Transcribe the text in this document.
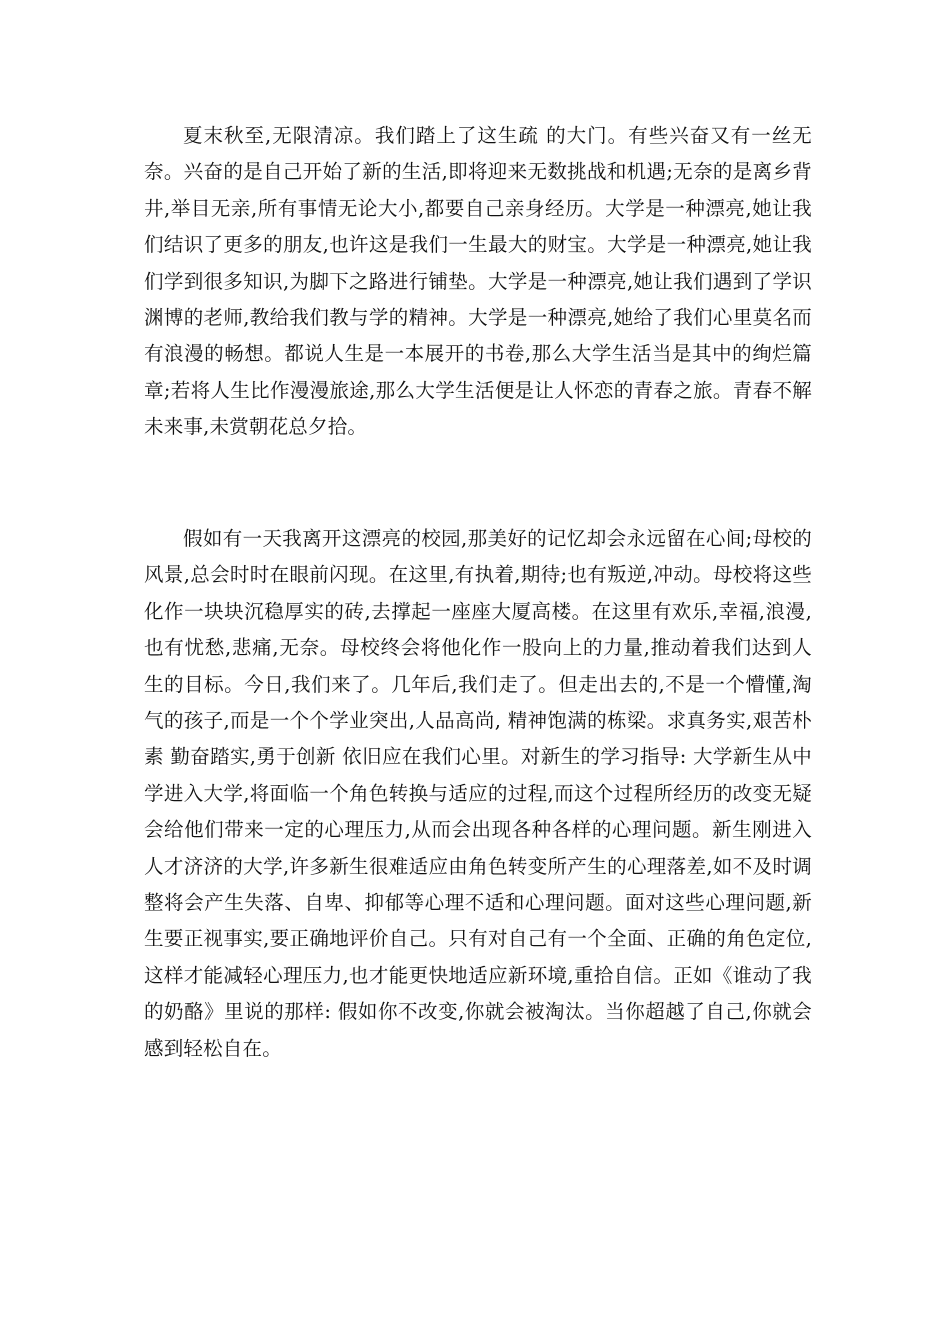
夏末秋至,无限清凉。我们踏上了这生疏 的大门。有些兴奋又有一丝无奈。兴奋的是自己开始了新的生活,即将迎来无数挑战和机遇;无奈的是离乡背井,举目无亲,所有事情无论大小,都要自己亲身经历。大学是一种漂亮,她让我们结识了更多的朋友,也许这是我们一生最大的财宝。大学是一种漂亮,她让我们学到很多知识,为脚下之路进行铺垫。大学是一种漂亮,她让我们遇到了学识渊博的老师,教给我们教与学的精神。大学是一种漂亮,她给了我们心里莫名而有浪漫的畅想。都说人生是一本展开的书卷,那么大学生活当是其中的绚烂篇章;若将人生比作漫漫旅途,那么大学生活便是让人怀恋的青春之旅。青春不解未来事,未赏朝花总夕拾。

假如有一天我离开这漂亮的校园,那美好的记忆却会永远留在心间;母校的风景,总会时时在眼前闪现。在这里,有执着,期待;也有叛逆,冲动。母校将这些化作一块块沉稳厚实的砖,去撑起一座座大厦高楼。在这里有欢乐,幸福,浪漫,也有忧愁,悲痛,无奈。母校终会将他化作一股向上的力量,推动着我们达到人生的目标。今日,我们来了。几年后,我们走了。但走出去的,不是一个懵懂,淘气的孩子,而是一个个学业突出,人品高尚, 精神饱满的栋梁。求真务实,艰苦朴素 勤奋踏实,勇于创新 依旧应在我们心里。对新生的学习指导: 大学新生从中学进入大学,将面临一个角色转换与适应的过程,而这个过程所经历的改变无疑会给他们带来一定的心理压力,从而会出现各种各样的心理问题。新生刚进入人才济济的大学,许多新生很难适应由角色转变所产生的心理落差,如不及时调整将会产生失落、自卑、抑郁等心理不适和心理问题。面对这些心理问题,新生要正视事实,要正确地评价自己。只有对自己有一个全面、正确的角色定位,这样才能减轻心理压力,也才能更快地适应新环境,重拾自信。正如《谁动了我的奶酪》里说的那样: 假如你不改变,你就会被淘汰。当你超越了自己,你就会感到轻松自在。
